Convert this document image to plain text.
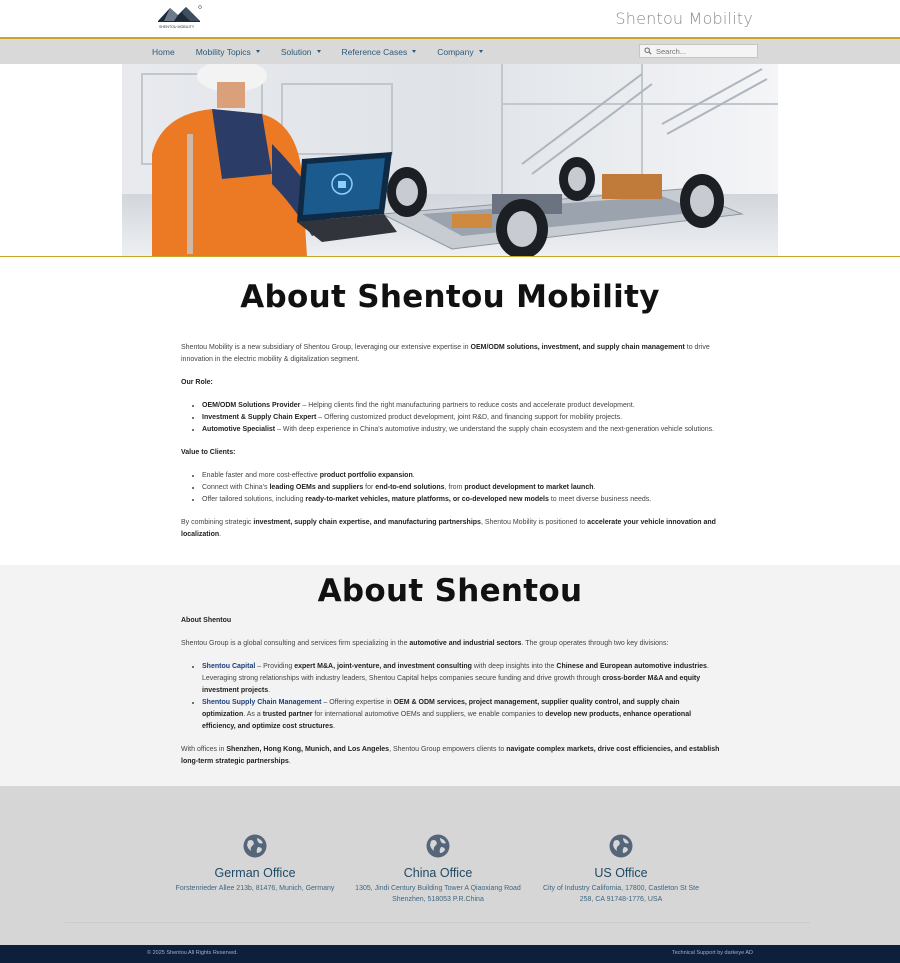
SHENTOU MOBILITY	Shentou Mobility
Home Mobility Topics	Solution	Reference Cases	Company
Search...
About Shentou Mobility

Shentou Mobility is a new subsidiary of Shentou Group, leveraging our extensive expertise in OEM/ODM solutions, investment, and supply chain management to drive innovation in the electric mobility & digitalization segment.

Our Role:

• OEM/ODM Solutions Provider – Helping clients find the right manufacturing partners to reduce costs and accelerate product development.
• Investment & Supply Chain Expert – Offering customized product development, joint R&D, and financing support for mobility projects.
• Automotive Specialist – With deep experience in China's automotive industry, we understand the supply chain ecosystem and the next-generation vehicle solutions.

Value to Clients:

• Enable faster and more cost-effective product portfolio expansion.
• Connect with China's leading OEMs and suppliers for end-to-end solutions, from product development to market launch.
• Offer tailored solutions, including ready-to-market vehicles, mature platforms, or co-developed new models to meet diverse business needs.

By combining strategic investment, supply chain expertise, and manufacturing partnerships, Shentou Mobility is positioned to accelerate your vehicle innovation and localization.

About Shentou

About Shentou

Shentou Group is a global consulting and services firm specializing in the automotive and industrial sectors. The group operates through two key divisions:

• Shentou Capital – Providing expert M&A, joint-venture, and investment consulting with deep insights into the Chinese and European automotive industries. Leveraging strong relationships with industry leaders, Shentou Capital helps companies secure funding and drive growth through cross-border M&A and equity investment projects.
• Shentou Supply Chain Management – Offering expertise in OEM & ODM services, project management, supplier quality control, and supply chain optimization. As a trusted partner for international automotive OEMs and suppliers, we enable companies to develop new products, enhance operational efficiency, and optimize cost structures.

With offices in Shenzhen, Hong Kong, Munich, and Los Angeles, Shentou Group empowers clients to navigate complex markets, drive cost efficiencies, and establish long-term strategic partnerships.

German Office
Forstenrieder Allee 213b, 81476, Munich, Germany
China Office
1305, Jindi Century Building Tower A Qiaoxiang Road
Shenzhen, 518053 P.R.China
US Office
City of Industry California, 17800, Castleton St Ste
258, CA 91748-1776, USA
© 2025 Shentou All Rights Reserved.	Technical Support by darkeye AD
